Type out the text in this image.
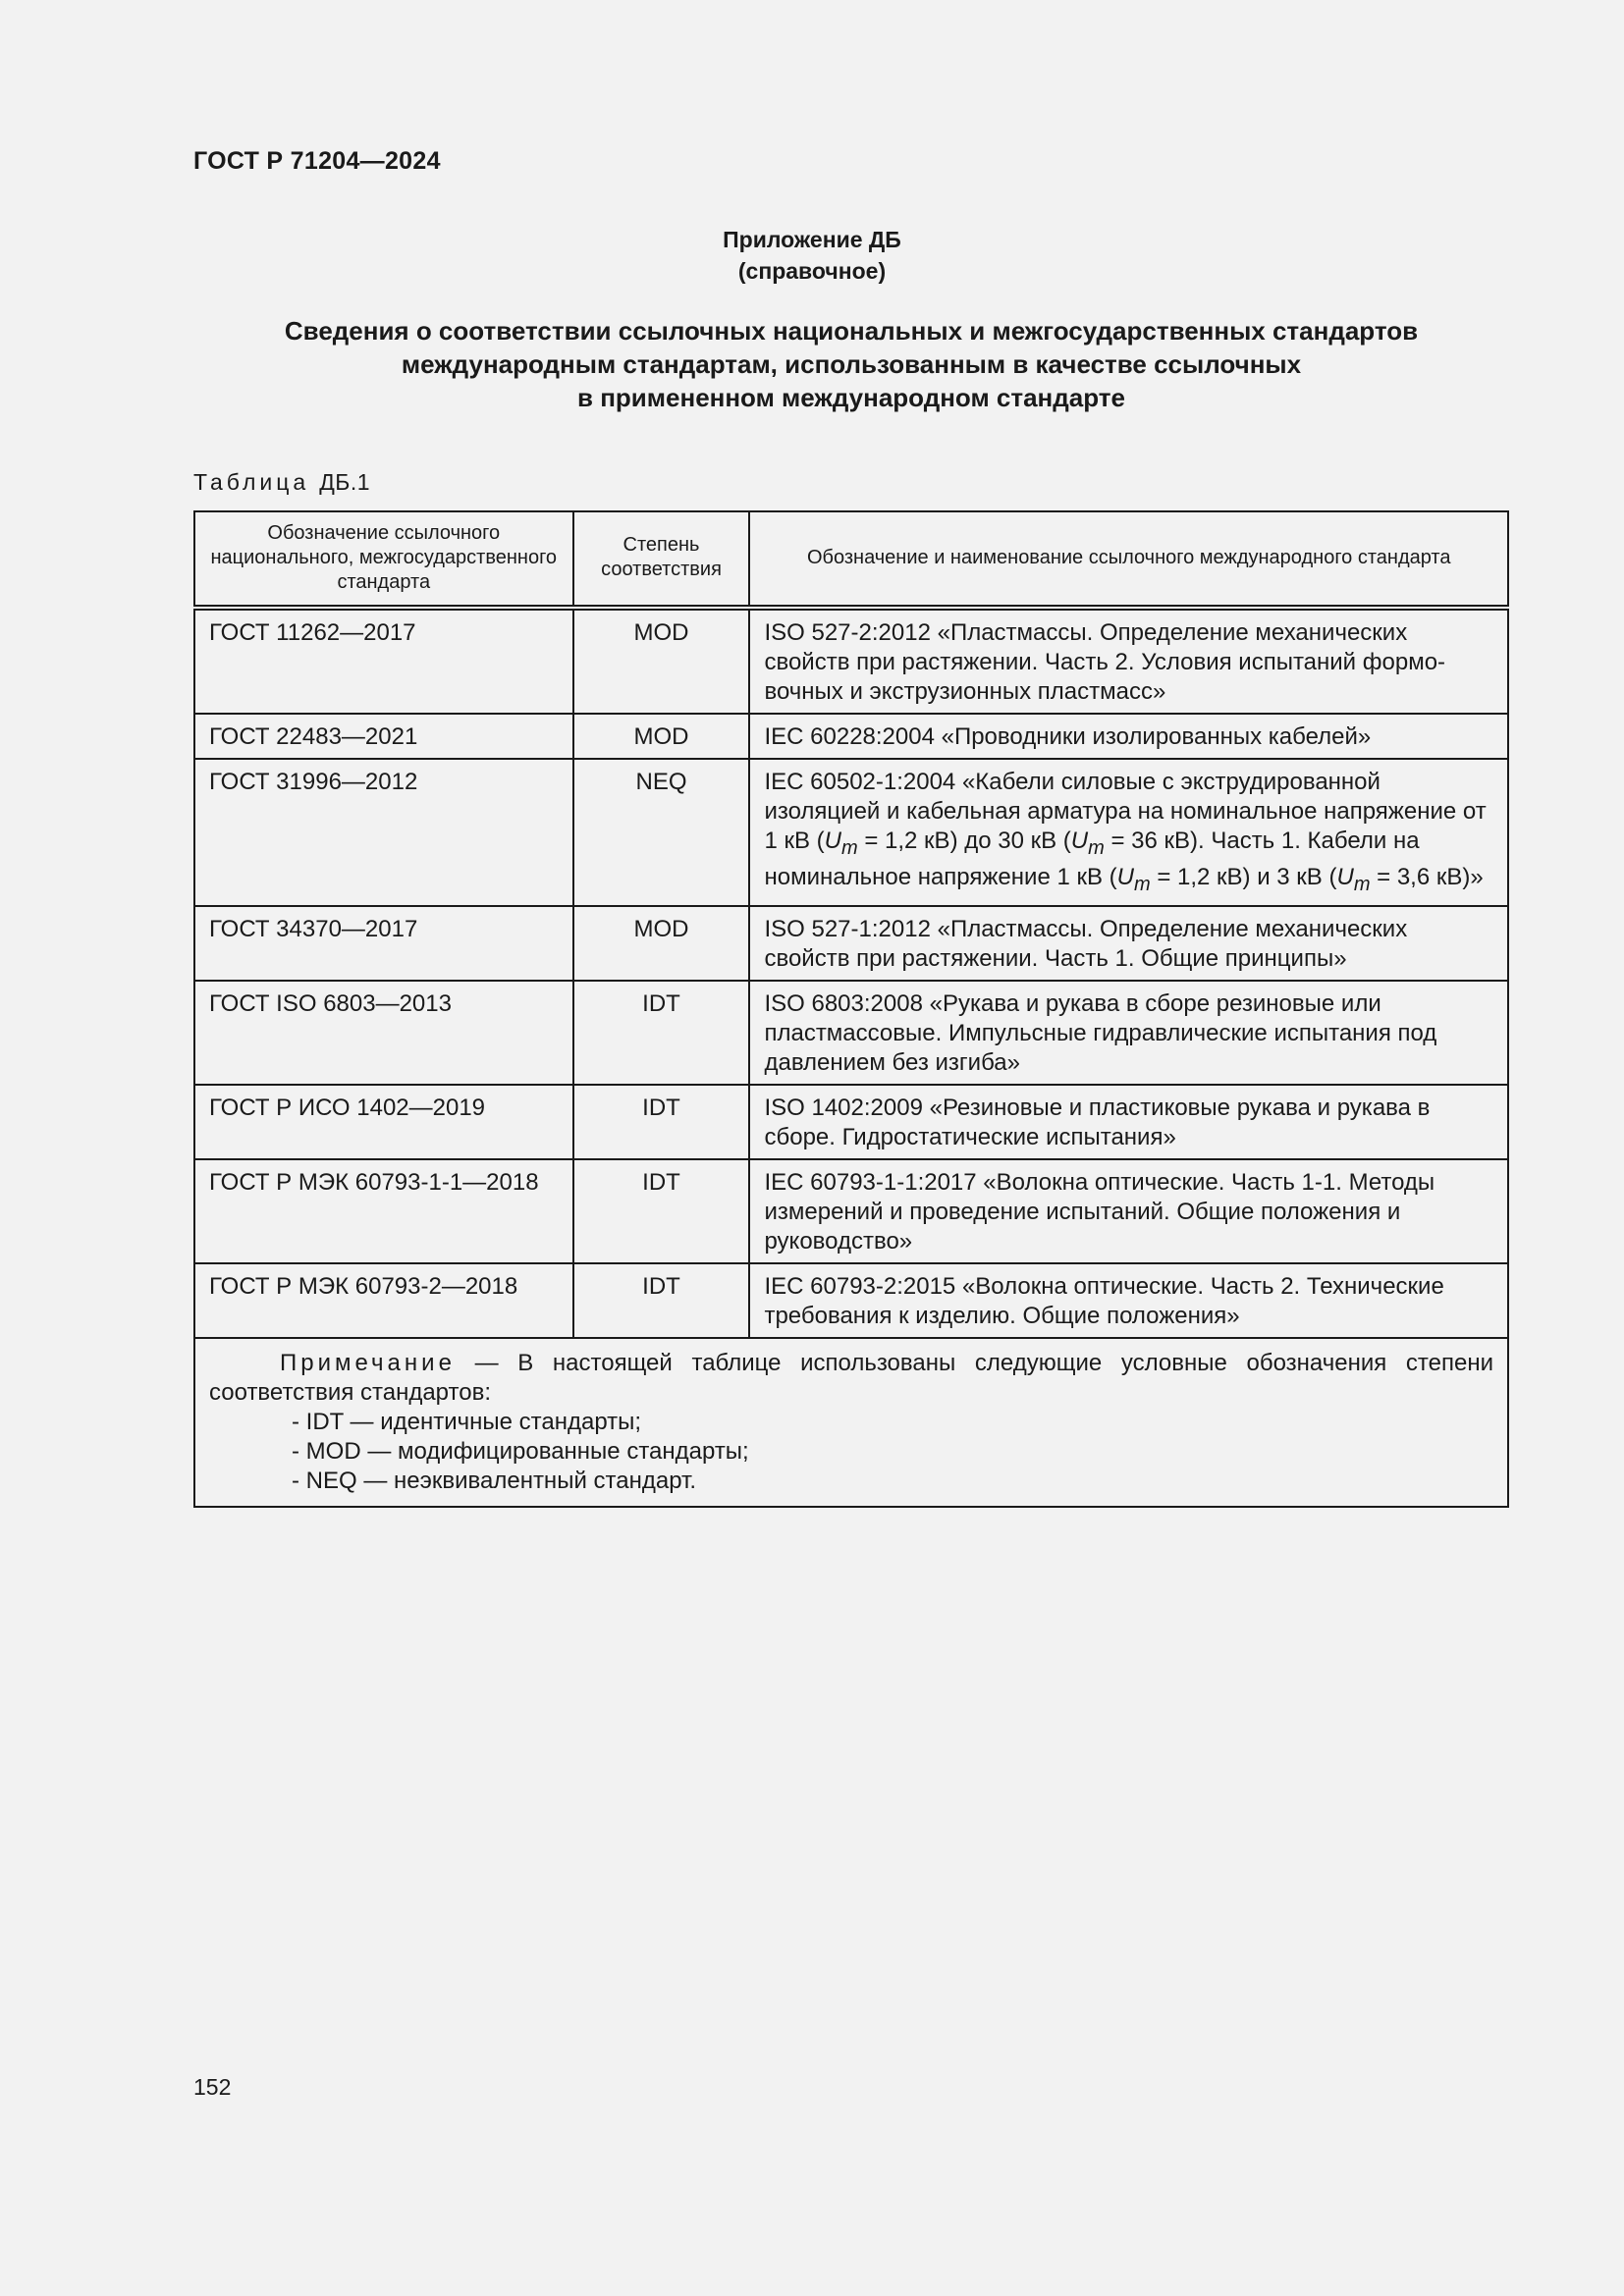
ГОСТ Р 71204—2024
Приложение ДБ
(справочное)
Сведения о соответствии ссылочных национальных и межгосударственных стандартов
международным стандартам, использованным в качестве ссылочных
в примененном международном стандарте
Таблица ДБ.1
Обозначение ссылочного национального, межгосударственного стандарта	Степень соответствия	Обозначение и наименование ссылочного международного стандарта
ГОСТ 11262—2017	MOD	ISO 527-2:2012 «Пластмассы. Определение механических свойств при растяжении. Часть 2. Условия испытаний формо-вочных и экструзионных пластмасс»
ГОСТ 22483—2021	MOD	IEC 60228:2004 «Проводники изолированных кабелей»
ГОСТ 31996—2012	NEQ	IEC 60502-1:2004 «Кабели силовые с экструдированной изоляцией и кабельная арматура на номинальное напряжение от 1 кВ ($U_m = 1,2$ кВ) до 30 кВ ($U_m = 36$ кВ). Часть 1. Кабели на номинальное напряжение 1 кВ ($U_m = 1,2$ кВ) и 3 кВ ($U_m = 3,6$ кВ)»
ГОСТ 34370—2017	MOD	ISO 527-1:2012 «Пластмассы. Определение механических свойств при растяжении. Часть 1. Общие принципы»
ГОСТ ISO 6803—2013	IDT	ISO 6803:2008 «Рукава и рукава в сборе резиновые или пластмассовые. Импульсные гидравлические испытания под давлением без изгиба»
ГОСТ Р ИСО 1402—2019	IDT	ISO 1402:2009 «Резиновые и пластиковые рукава и рукава в сборе. Гидростатические испытания»
ГОСТ Р МЭК 60793-1-1—2018	IDT	IEC 60793-1-1:2017 «Волокна оптические. Часть 1-1. Методы измерений и проведение испытаний. Общие положения и руководство»
ГОСТ Р МЭК 60793-2—2018	IDT	IEC 60793-2:2015 «Волокна оптические. Часть 2. Технические требования к изделию. Общие положения»

Примечание — В настоящей таблице использованы следующие условные обозначения степени соответствия стандартов:
- IDT — идентичные стандарты;
- MOD — модифицированные стандарты;
- NEQ — неэквивалентный стандарт.		
152
